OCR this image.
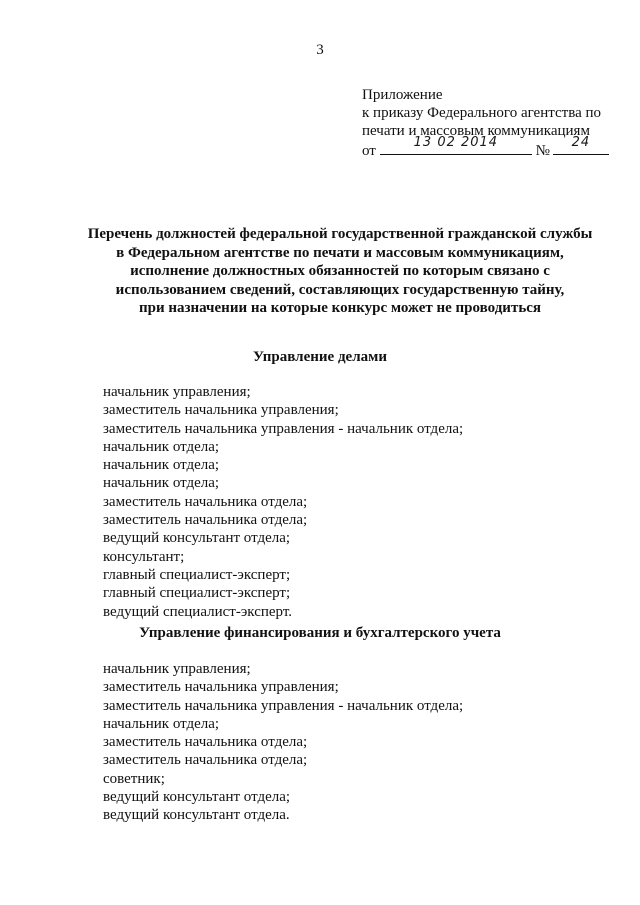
3
Приложение
к приказу Федерального агентства по
печати и массовым коммуникациям
от
13 02 2014
№
24
Перечень должностей федеральной государственной гражданской службы
в Федеральном агентстве по печати и массовым коммуникациям,
исполнение должностных обязанностей по которым связано с
использованием сведений, составляющих государственную тайну,
при назначении на которые конкурс может не проводиться
Управление делами
начальник управления;
заместитель начальника управления;
заместитель начальника управления - начальник отдела;
начальник отдела;
начальник отдела;
начальник отдела;
заместитель начальника отдела;
заместитель начальника отдела;
ведущий консультант отдела;
консультант;
главный специалист-эксперт;
главный специалист-эксперт;
ведущий специалист-эксперт.
Управление финансирования и бухгалтерского учета
начальник управления;
заместитель начальника управления;
заместитель начальника управления - начальник отдела;
начальник отдела;
заместитель начальника отдела;
заместитель начальника отдела;
советник;
ведущий консультант отдела;
ведущий консультант отдела.
